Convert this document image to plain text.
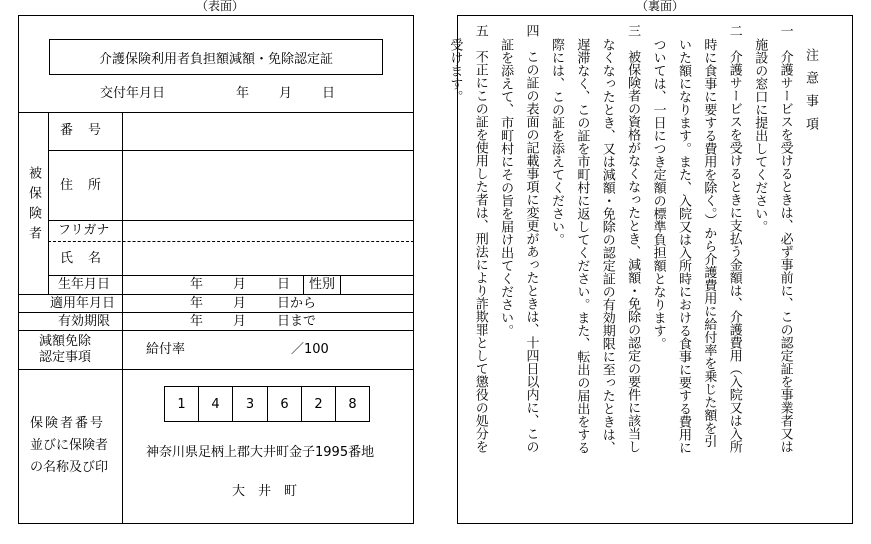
（表面）
介護保険利用者負担額減額・免除認定証
交付年月日	年 月 日
被保険者
番　号
住　所
フリガナ
氏　名
生年月日	年 月 日 性別
適用年月日	年 月 日から
有効期限	年 月 日まで
減額免除
認定事項
給付率	／100
保険者番号
並びに保険者
の名称及び印
1	4	3	6	2	8
神奈川県足柄上郡大井町金子1995番地
大　井　町
（裏面）

注意事項

一　介護サービスを受けるときは、必ず事前に、この認定証を事業者又は

施設の窓口に提出してください。

二　介護サービスを受けるときに支払う金額は、介護費用（入院又は入所

時に食事に要する費用を除く。）から介護費用に給付率を乗じた額を引

いた額になります。また、入院又は入所時における食事に要する費用に

ついては、一日につき定額の標準負担額となります。

三　被保険者の資格がなくなったとき、減額・免除の認定の要件に該当し

なくなったとき、又は減額・免除の認定証の有効期限に至ったときは、

遅滞なく、この証を市町村に返してください。また、転出の届出をする

際には、この証を添えてください。

四　この証の表面の記載事項に変更があったときは、十四日以内に、この

証を添えて、市町村にその旨を届け出てください。

五　不正にこの証を使用した者は、刑法により詐欺罪として懲役の処分を

受けます。
